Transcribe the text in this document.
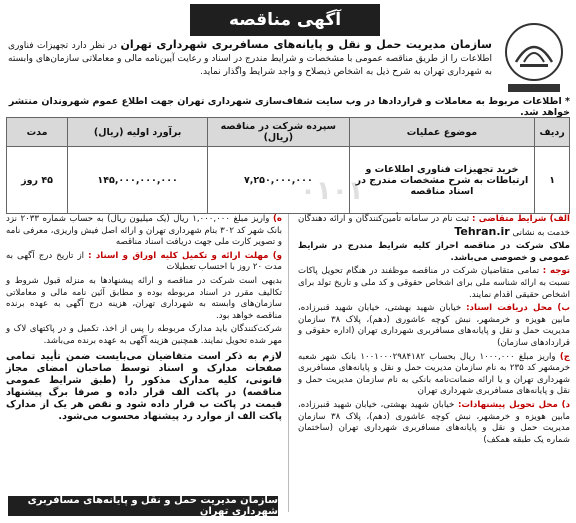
آگهی مناقصه
سازمان مدیریت حمل و نقل و پایانه‌های مسافربری شهرداری تهران در نظر دارد تجهیزات فناوری اطلاعات را از طریق مناقصه عمومی با مشخصات و شرایط مندرج در اسناد و رعایت آیین‌نامه مالی و معاملاتی سازمان‌های وابسته به شهرداری تهران به شرح ذیل به اشخاص ذیصلاح و واجد شرایط واگذار نماید.
* اطلاعات مربوط به معاملات و قراردادها در وب سایت شفاف‌سازی شهرداری تهران جهت اطلاع عموم شهروندان منتشر خواهد شد.
ردیف	موضوع عملیات	سپرده شرکت در مناقصه (ریال)	برآورد اولیه (ریال)	مدت
۱	خرید تجهیزات فناوری اطلاعات و ارتباطات به شرح مشخصات مندرج در اسناد مناقصه	۷,۲۵۰,۰۰۰,۰۰۰	۱۴۵,۰۰۰,۰۰۰,۰۰۰	۴۵ روز	۰۱۰۱

الف) شرایط متقاضی : ثبت نام در سامانه تأمین‌کنندگان و ارائه دهندگان خدمت به نشانی Tehran.ir

ملاک شرکت در مناقصه احراز کلیه شرایط مندرج در شرایط عمومی و خصوصی می‌باشد.

توجه : تمامی متقاضیان شرکت در مناقصه موظفند در هنگام تحویل پاکات نسبت به ارائه شناسه ملی برای اشخاص حقوقی و کد ملی و تاریخ تولد برای اشخاص حقیقی اقدام نمایند.

ب) محل دریافت اسناد: خیابان شهید بهشتی، خیابان شهید قنبرزاده، مابین هویزه و خرمشهر، نبش کوچه عاشوری (دهم)، پلاک ۳۸ سازمان مدیریت حمل و نقل و پایانه‌های مسافربری شهرداری تهران (اداره حقوقی و قراردادهای سازمان)

ج) واریز مبلغ ۱۰۰۰,۰۰۰ ریال بحساب ۱۰۰۱۰۰۰۲۹۸۴۱۸۲ بانک شهر شعبه خرمشهر کد ۲۳۵ به نام سازمان مدیریت حمل و نقل و پایانه‌های مسافربری شهرداری تهران و یا ارائه ضمانت‌نامه بانکی به نام سازمان مدیریت حمل و نقل و پایانه‌های مسافربری شهرداری تهران

د) محل تحویل پیشنهادات: خیابان شهید بهشتی، خیابان شهید قنبرزاده، مابین هویزه و خرمشهر، نبش کوچه عاشوری (دهم)، پلاک ۳۸ سازمان مدیریت حمل و نقل و پایانه‌های مسافربری شهرداری تهران (ساختمان شماره یک طبقه همکف)

ه) واریز مبلغ ۱,۰۰۰,۰۰۰ ریال (یک میلیون ریال) به حساب شماره ۲۰۳۳ نزد بانک شهر کد ۳۰۲ بنام شهرداری تهران و ارائه اصل فیش واریزی، معرفی نامه و تصویر کارت ملی جهت دریافت اسناد مناقصه

و) مهلت ارائه و تکمیل کلیه اوراق و اسناد : از تاریخ درج آگهی به مدت ۲۰ روز با احتساب تعطیلات

بدیهی است شرکت در مناقصه و ارائه پیشنهادها به منزله قبول شروط و تکالیف مقرر در اسناد مربوطه بوده و مطابق آئین نامه مالی و معاملاتی سازمان‌های وابسته به شهرداری تهران، هزینه درج آگهی به عهده برنده مناقصه خواهد بود.

شرکت‌کنندگان باید مدارک مربوطه را پس از اخذ، تکمیل و در پاکتهای لاک و مهر شده تحویل نمایند. همچنین هزینه آگهی به عهده برنده می‌باشد.

لازم به ذکر است متقاضیان می‌بایست ضمن تأیید تمامی صفحات مدارک و اسناد توسط صاحبان امضای مجاز قانونی، کلیه مدارک مذکور را (طبق شرایط عمومی مناقصه) در پاکت الف قرار داده و صرفا برگ پیشنهاد قیمت در پاکت ب قرار داده شود و نقص هر یک از مدارک پاکت الف از موارد رد پیشنهاد محسوب می‌شود.
سازمان مدیریت حمل و نقل و پایانه‌های مسافربری شهرداری تهران
